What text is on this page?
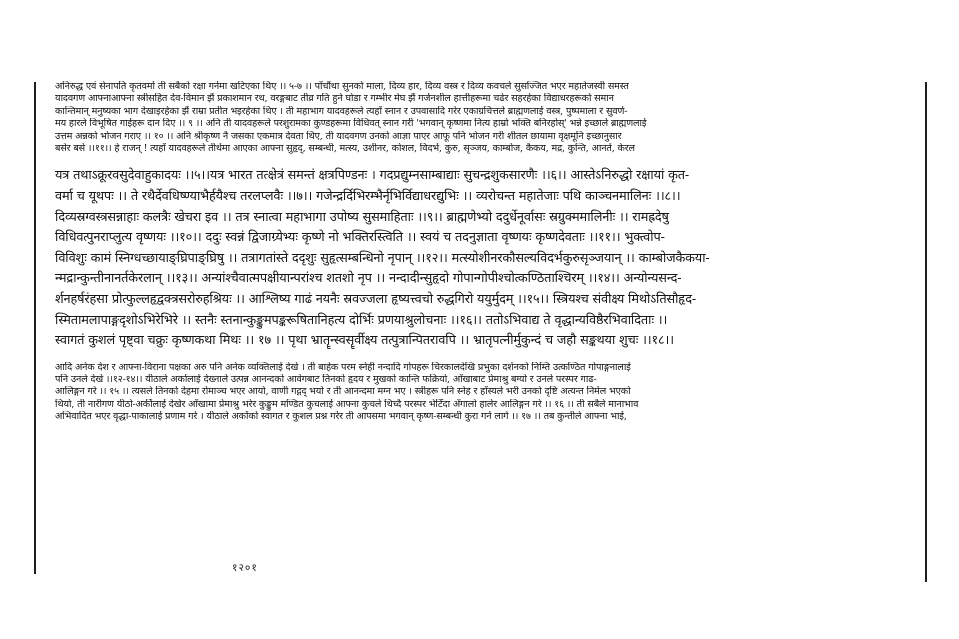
अनिरुद्ध एवं सेनापति कृतवर्मा ती सबैको रक्षा गर्नमा खटिएका थिए ।। ५-७ ।। पाँचौंथा सुनको माला, दिव्य हार, दिव्य वस्त्र र दिव्य कवचले सुसज्जित भएर महातेजस्वी समस्त
यादवगण आफ्नाआफ्ना स्त्रीसहित देव-विमान झैं प्रकाशमान रथ, वरङ्गबाट तीव्र गति हुने घोडा र गम्भीर मेघ झैं गर्जनशील हात्तीहरूमा चढेर सहरहेका विद्याधरहरूको समान
कान्तिमान् मनुष्यका भाग देखाइरहेका झैं राम्रा प्रतीत भइरहेका थिए । ती महाभाग यादवहरूले त्यहाँ स्नान र उपवासादि गरेर एकाग्रचित्तले ब्राह्मणलाई वस्त्र, पुष्पमाला र सुवर्ण-
मय हारले विभूषित गाईहरू दान दिए ।। ९ ।। अनि ती यादवहरूले परशुरामका कुण्डहरूमा विधिवत् स्नान गरी 'भगवान् कृष्णमा नित्य हाम्रो भक्ति बनिरहोस्' भन्ने इच्छाले ब्राह्मणलाई
उत्तम अन्नको भोजन गराए ।। १० ।। अनि श्रीकृष्ण नै जसका एकमात्र देवता थिए, ती यादवगण उनको आज्ञा पाएर आफू पनि भोजन गरी शीतल छायामा वृक्षमूनि इच्छानुसार
बसेर बसे ।।११।। हे राजन् ! त्यहाँ यादवहरूले तीर्थमा आएका आफ्ना सुहृद्, सम्बन्धी, मत्स्य, उशीनर, कोशल, विदर्भ, कुरु, सृञ्जय, काम्बोज, कैकय, मद्र, कुन्ति, आनर्त, केरल
यत्र तथाऽक्रूरवसुदेवाहुकादयः ।।५।।यत्र भारत तत्क्षेत्रं समन्तं क्षत्रपिण्डनः । गदप्रद्युम्नसाम्बाद्याः सुचन्द्रशुकसारणैः ।।६।। आस्तेऽनिरुद्धो रक्षायां कृत-
वर्मा च यूथपः ।। ते रथैर्देवधिष्ण्याभैर्हयैश्च तरलप्लवैः ।।७।। गजेन्द्रर्दिभिरम्भैर्नृभिर्विद्याधरद्युभिः ।। व्यरोचन्त महातेजाः पथि काञ्चनमालिनः ।।८।।
दिव्यस्रग्वस्त्रसन्नाहाः कलत्रैः खेचरा इव ।। तत्र स्नात्वा महाभागा उपोष्य सुसमाहिताः ।।९।। ब्राह्मणेभ्यो ददुर्धेनूर्वासः स्रग्रुक्ममालिनीः ।। रामह्रदेषु
विधिवत्पुनराप्लुत्य वृष्णयः ।।१०।। ददुः स्वन्नं द्विजाग्र्येभ्यः कृष्णे नो भक्तिरस्त्विति ।। स्वयं च तदनुज्ञाता वृष्णयः कृष्णदेवताः ।।११।। भुक्त्वोप-
विविशुः कामं स्निग्धच्छायाङ्घ्रिपाङ्घ्रिषु ।। तत्रागतांस्ते ददृशुः सुहृत्सम्बन्धिनो नृपान् ।।१२।। मत्स्योशीनरकौसल्यविदर्भकुरुसृञ्जयान् ।। काम्बोजकैकया-
न्मद्रान्कुन्तीनानर्तकेरलान् ।।१३।। अन्यांश्चैवात्मपक्षीयान्परांश्च शतशो नृप ।। नन्दादीन्सुहृदो गोपान्गोपीश्चोत्कण्ठिताश्चिरम् ।।१४।। अन्योन्यसन्द-
र्शनहर्षरंहसा प्रोत्फुल्लहृद्वक्त्रसरोरुहश्रियः ।। आश्लिष्य गाढं नयनैः स्रवज्जला हृष्यत्त्वचो रुद्धगिरो ययुर्मुदम् ।।१५।। स्त्रियश्च संवीक्ष्य मिथोऽतिसौहृद-
स्मितामलापाङ्गदृशोऽभिरेभिरे ।। स्तनैः स्तनान्कुङ्कुमपङ्करूषितानिहत्य दोर्भिः प्रणयाश्रुलोचनाः ।।१६।। ततोऽभिवाद्य ते वृद्धान्यविष्ठैरभिवादिताः ।।
स्वागतं कुशलं पृष्ट्वा चक्रुः कृष्णकथा मिथः ।। १७ ।। पृथा भ्रातॄन्स्वसॄर्वीक्ष्य तत्पुत्रान्पितरावपि ।। भ्रातृपत्नीर्मुकुन्दं च जहौ सङ्कथया शुचः ।।१८।।
आदि अनेक देश र आफ्ना-विराना पक्षका अरु पनि अनेक व्यक्तिलाई देखे । ती बाहेक परम स्नेही नन्दादि गोपहरू चिरकालदेखि प्रभुका दर्शनको निम्ति उत्कण्ठित गोपाङ्गनालाई
पनि उनले देखे ।।१२-१४।। यीठाले अर्कालाई देख्नाले उत्पन्न आनन्दको आवेगबाट तिनको हृदय र मुखको कान्ति फक्रियो, आँखाबाट प्रेमाश्रु बग्यो र उनले परस्पर गाढ-
आलिङ्गन गरे ।। १५ ।। त्यसले तिनको देहमा रोमाञ्च भएर आयो, वाणी गद्गद् भयो र ती आनन्दमा मग्न भए । स्त्रीहरू पनि स्नेह र हाँस्यले भरी उनको दृष्टि अत्यन्त निर्मल भएको
थियो, ती नारीगण यीठो-अर्कीलाई देखेर आँखामा प्रेमाश्रु भरेर कुङ्कुम मण्डित कुचलाई आफ्ना कुचले थिच्दै परस्पर भेटिँदा अँगालो हालेर आलिङ्गन गरे ।। १६ ।। ती सबैले मानाभाव
अभिवादित भएर वृद्धा-पाकालाई प्रणाम गरे । यीठाले अर्कोको स्वागत र कुशल प्रश्न गरेर ती आपसमा भगवान् कृष्ण-सम्बन्धी कुरा गर्न लागे ।। १७ ।। तब कुन्तीले आफ्ना भाई,
१२०१
